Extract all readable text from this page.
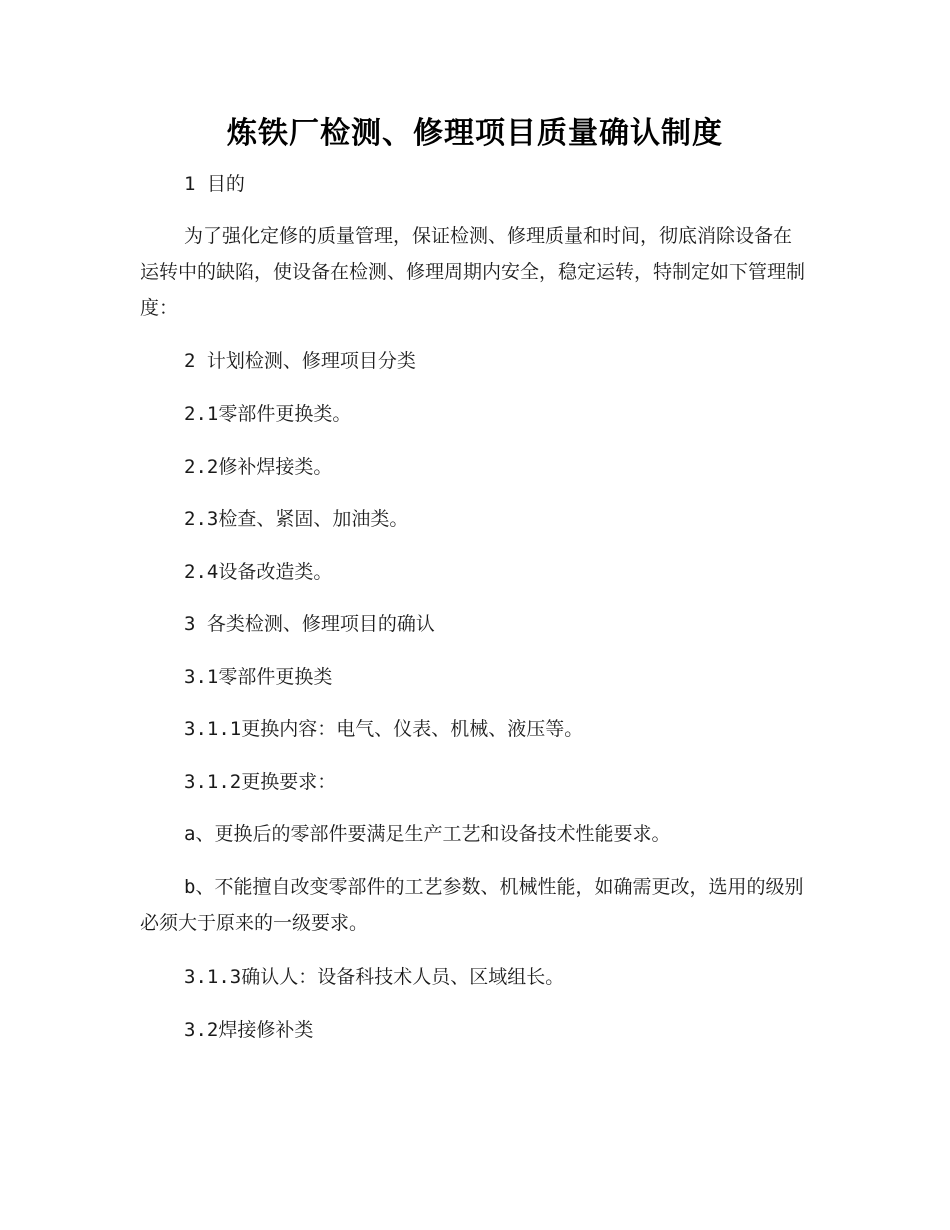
炼铁厂检测、修理项目质量确认制度

1 目的

为了强化定修的质量管理，保证检测、修理质量和时间，彻底消除设备在运转中的缺陷，使设备在检测、修理周期内安全，稳定运转，特制定如下管理制度：

2 计划检测、修理项目分类

2.1零部件更换类。

2.2修补焊接类。

2.3检查、紧固、加油类。

2.4设备改造类。

3 各类检测、修理项目的确认

3.1零部件更换类

3.1.1更换内容：电气、仪表、机械、液压等。

3.1.2更换要求：

a、更换后的零部件要满足生产工艺和设备技术性能要求。

b、不能擅自改变零部件的工艺参数、机械性能，如确需更改，选用的级别必须大于原来的一级要求。

3.1.3确认人：设备科技术人员、区域组长。

3.2焊接修补类
